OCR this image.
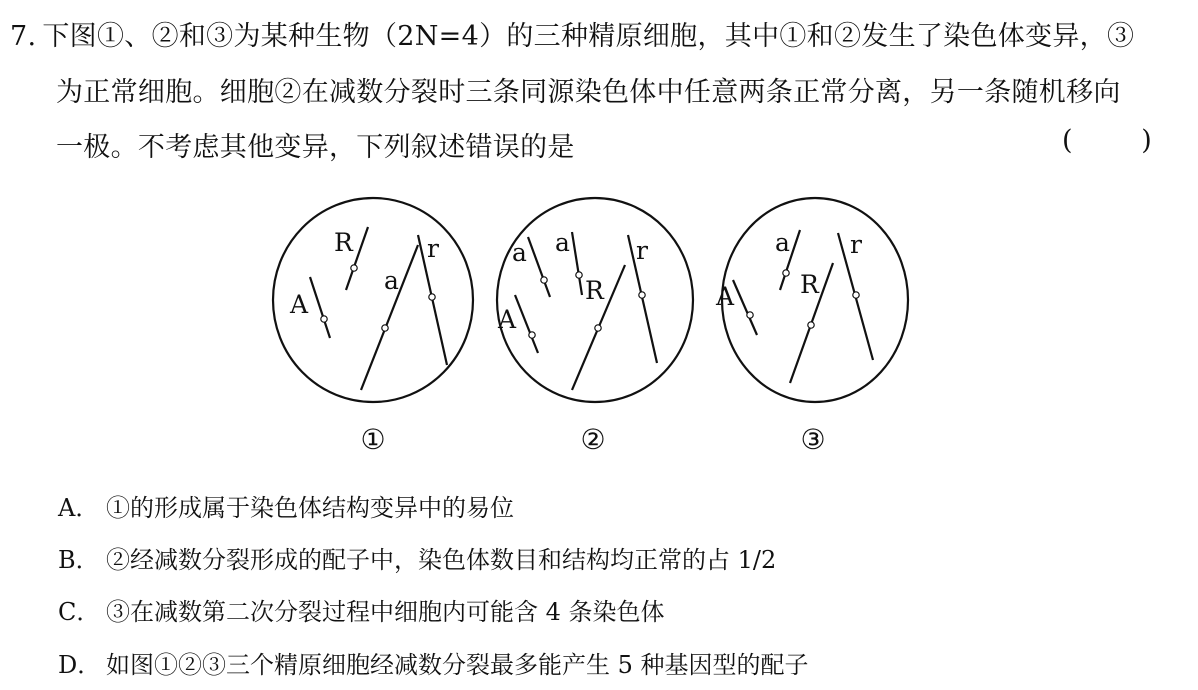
7. 下图①、②和③为某种生物（2N=4）的三种精原细胞，其中①和②发生了染色体变异，③
为正常细胞。细胞②在减数分裂时三条同源染色体中任意两条正常分离，另一条随机移向
一极。不考虑其他变异，下列叙述错误的是	(        )
R
A
a
r	a a
R
A
r	a
A	R
r
①	②	③
A． ①的形成属于染色体结构变异中的易位
B． ②经减数分裂形成的配子中，染色体数目和结构均正常的占 1/2
C． ③在减数第二次分裂过程中细胞内可能含 4 条染色体
D． 如图①②③三个精原细胞经减数分裂最多能产生 5 种基因型的配子
